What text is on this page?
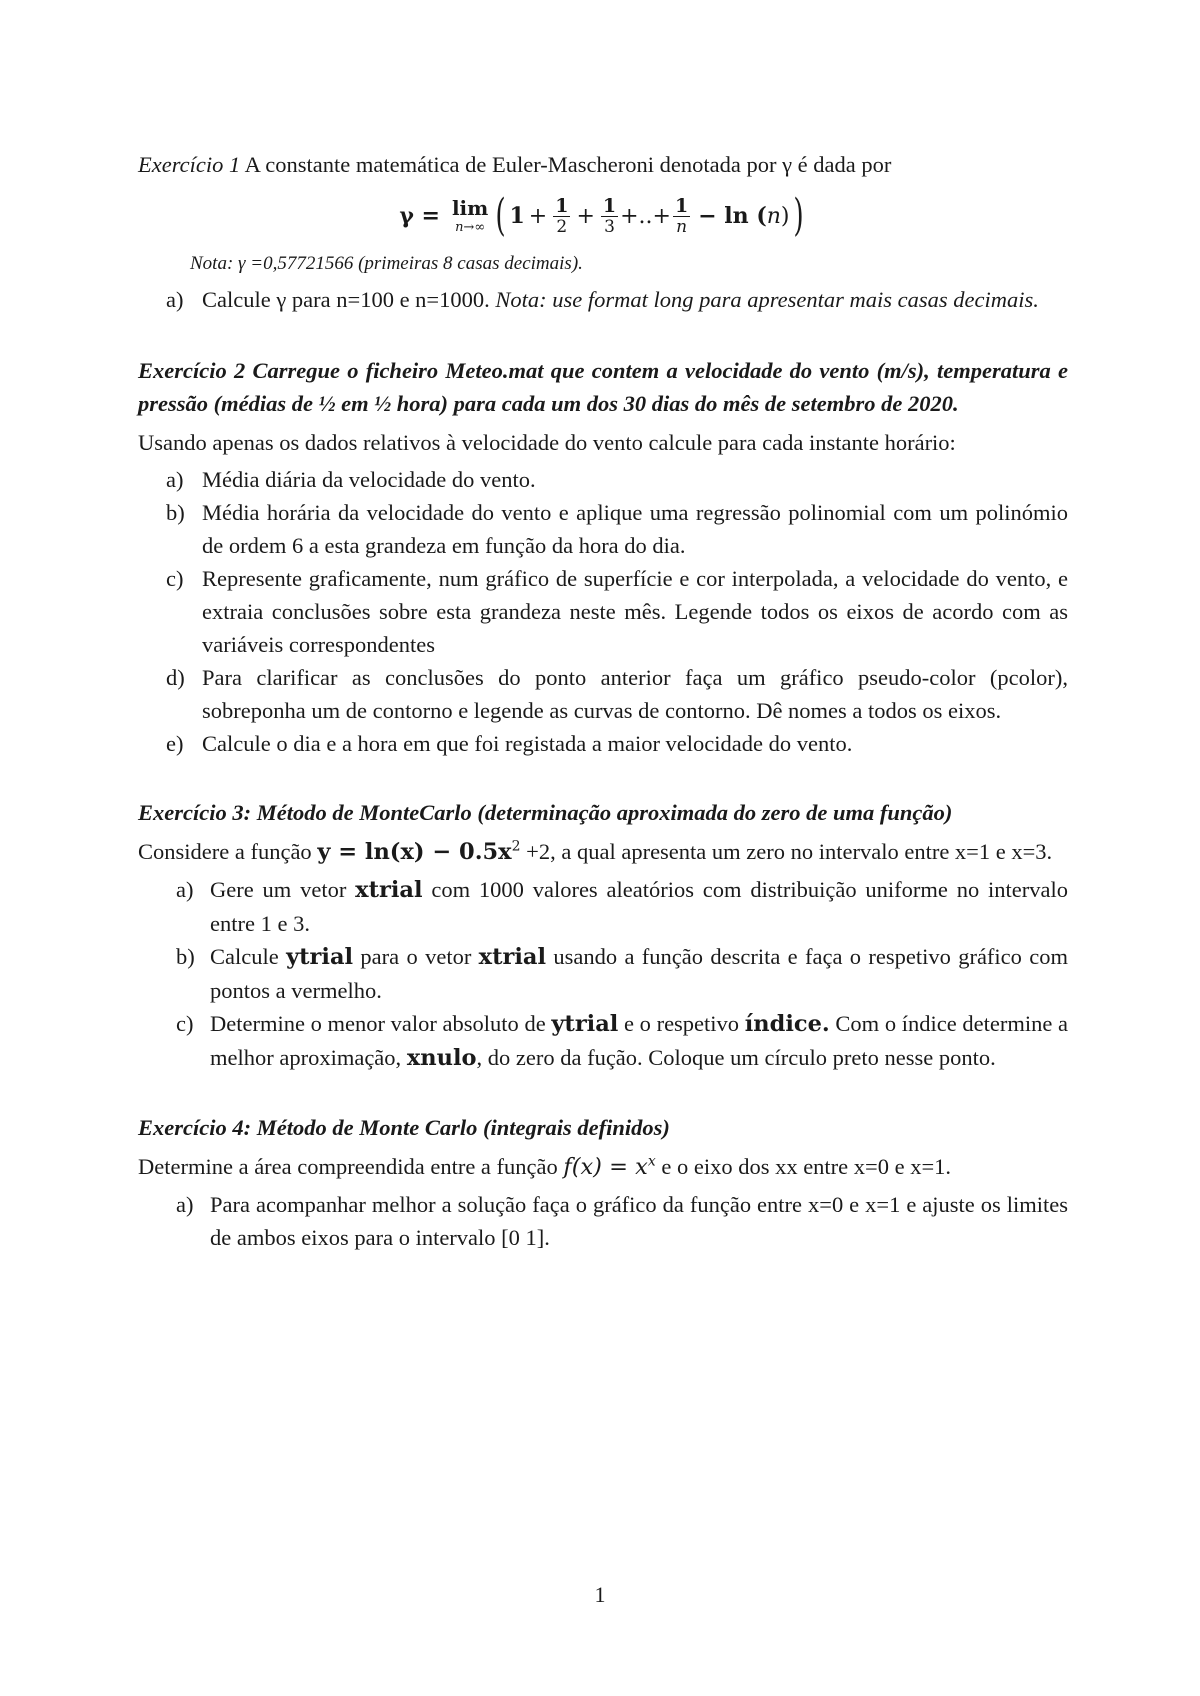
Exercício 1 A constante matemática de Euler-Mascheroni denotada por γ é dada por

γ = lim
n→∞ ( $1 + \frac{1}{2} + \frac{1}{3}$ +..+ $\frac{1}{n} - \ln$ ( n ) )

Nota: γ =0,57721566 (primeiras 8 casas decimais).

a) Calcule γ para n=100 e n=1000. Nota: use format long para apresentar mais casas decimais.

Exercício 2 Carregue o ficheiro Meteo.mat que contem a velocidade do vento (m/s), temperatura e pressão (médias de ½ em ½ hora) para cada um dos 30 dias do mês de setembro de 2020.

Usando apenas os dados relativos à velocidade do vento calcule para cada instante horário:

a) Média diária da velocidade do vento.
b) Média horária da velocidade do vento e aplique uma regressão polinomial com um polinómio de ordem 6 a esta grandeza em função da hora do dia.
c) Represente graficamente, num gráfico de superfície e cor interpolada, a velocidade do vento, e extraia conclusões sobre esta grandeza neste mês. Legende todos os eixos de acordo com as variáveis correspondentes
d) Para clarificar as conclusões do ponto anterior faça um gráfico pseudo-color (pcolor), sobreponha um de contorno e legende as curvas de contorno. Dê nomes a todos os eixos.
e) Calcule o dia e a hora em que foi registada a maior velocidade do vento.

Exercício 3: Método de MonteCarlo (determinação aproximada do zero de uma função)

Considere a função $y = \ln(x) - 0.5x^2 +2$, a qual apresenta um zero no intervalo entre x=1 e x=3.

a) Gere um vetor xtrial com 1000 valores aleatórios com distribuição uniforme no intervalo entre 1 e 3.
b) Calcule ytrial para o vetor xtrial usando a função descrita e faça o respetivo gráfico com pontos a vermelho.
c) Determine o menor valor absoluto de ytrial e o respetivo índice. Com o índice determine a melhor aproximação, xnulo, do zero da fução. Coloque um círculo preto nesse ponto.

Exercício 4: Método de Monte Carlo (integrais definidos)

Determine a área compreendida entre a função $f(x) = x^x$ e o eixo dos xx entre x=0 e x=1.

a) Para acompanhar melhor a solução faça o gráfico da função entre x=0 e x=1 e ajuste os limites de ambos eixos para o intervalo [0 1].
1
